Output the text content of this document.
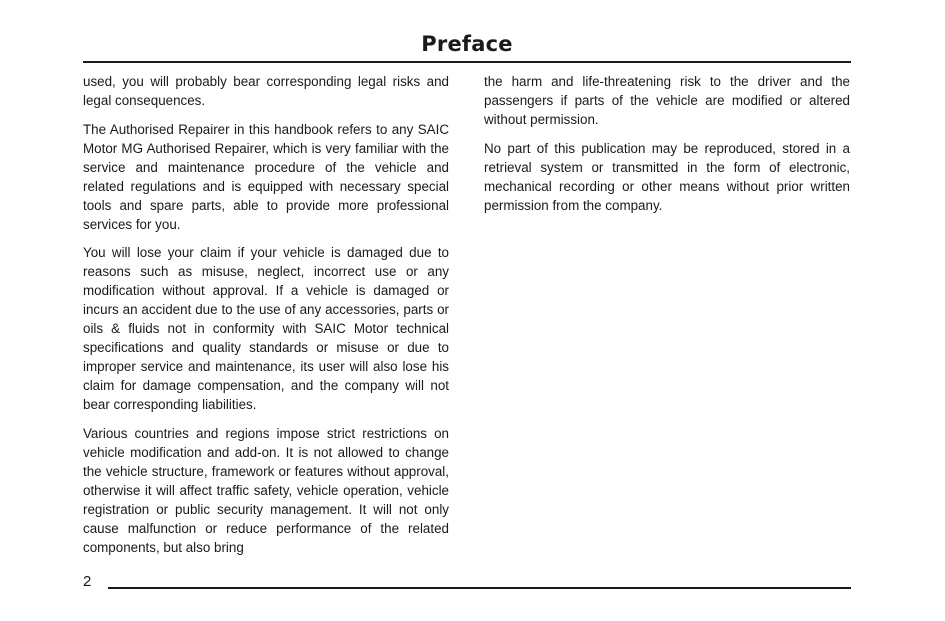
Preface

used, you will probably bear corresponding legal risks and legal consequences.

The Authorised Repairer in this handbook refers to any SAIC Motor MG Authorised Repairer, which is very familiar with the service and maintenance procedure of the vehicle and related regulations and is equipped with necessary special tools and spare parts, able to provide more professional services for you.

You will lose your claim if your vehicle is damaged due to reasons such as misuse, neglect, incorrect use or any modification without approval. If a vehicle is damaged or incurs an accident due to the use of any accessories, parts or oils & fluids not in conformity with SAIC Motor technical specifications and quality standards or misuse or due to improper service and maintenance, its user will also lose his claim for damage compensation, and the company will not bear corresponding liabilities.

Various countries and regions impose strict restrictions on vehicle modification and add-on. It is not allowed to change the vehicle structure, framework or features without approval, otherwise it will affect traffic safety, vehicle operation, vehicle registration or public security management. It will not only cause malfunction or reduce performance of the related components, but also bring

the harm and life-threatening risk to the driver and the passengers if parts of the vehicle are modified or altered without permission.

No part of this publication may be reproduced, stored in a retrieval system or transmitted in the form of electronic, mechanical recording or other means without prior written permission from the company.

2
